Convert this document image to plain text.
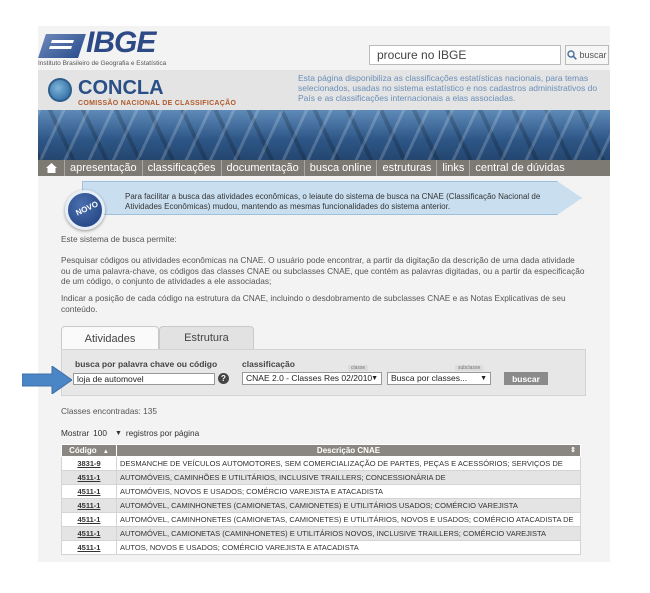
IBGE
Instituto Brasileiro de Geografia e Estatística
procure no IBGE	buscar
CONCLA
COMISSÃO NACIONAL DE CLASSIFICAÇÃO
Esta página disponibiliza as classificações estatísticas nacionais, para temas selecionados, usadas no sistema estatístico e nos cadastros administrativos do País e as classificações internacionais a elas associadas.
apresentação	classificações	documentação	busca online	estruturas	links	central de dúvidas
Para facilitar a busca das atividades econômicas, o leiaute do sistema de busca na CNAE (Classificação Nacional de Atividades Econômicas) mudou, mantendo as mesmas funcionalidades do sistema anterior.
NOVO
Este sistema de busca permite:
Pesquisar códigos ou atividades econômicas na CNAE. O usuário pode encontrar, a partir da digitação da descrição de uma dada atividade ou de uma palavra-chave, os códigos das classes CNAE ou subclasses CNAE, que contém as palavras digitadas, ou a partir da especificação de um código, o conjunto de atividades a ele associadas;
Indicar a posição de cada código na estrutura da CNAE, incluindo o desdobramento de subclasses CNAE e as Notas Explicativas de seu conteúdo.
Atividades	Estrutura
busca por palavra chave ou código	classificação	classe	subclasse
loja de automovel	?	CNAE 2.0 - Classes Res 02/2010
▼	Busca por classes... ▼	buscar
Classes encontradas: 135
Mostrar 100 ▼ registros por página
Código ▲	Descrição CNAE ⇕

3831-9	DESMANCHE DE VEÍCULOS AUTOMOTORES, SEM COMERCIALIZAÇÃO DE PARTES, PEÇAS E ACESSÓRIOS; SERVIÇOS DE
4511-1	AUTOMÓVEIS, CAMINHÕES E UTILITÁRIOS, INCLUSIVE TRAILLERS; CONCESSIONÁRIA DE
4511-1	AUTOMÓVEIS, NOVOS E USADOS; COMÉRCIO VAREJISTA E ATACADISTA
4511-1	AUTOMÓVEL, CAMINHONETES (CAMIONETAS, CAMIONETES) E UTILITÁRIOS USADOS; COMÉRCIO VAREJISTA
4511-1	AUTOMÓVEL, CAMINHONETES (CAMIONETAS, CAMIONETES) E UTILITÁRIOS, NOVOS E USADOS; COMÉRCIO ATACADISTA DE
4511-1	AUTOMÓVEL, CAMIONETAS (CAMINHONETES) E UTILITÁRIOS NOVOS, INCLUSIVE TRAILLERS; COMÉRCIO VAREJISTA
4511-1	AUTOS, NOVOS E USADOS; COMÉRCIO VAREJISTA E ATACADISTA
